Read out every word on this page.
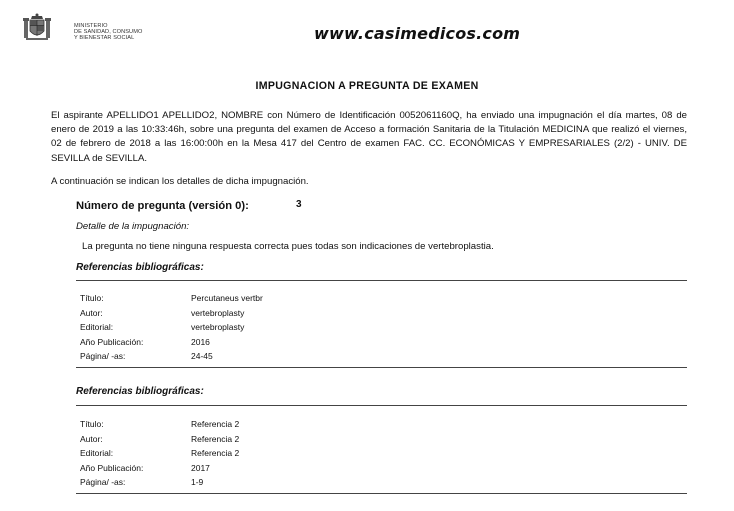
MINISTERIO
DE SANIDAD, CONSUMO
Y BIENESTAR SOCIAL	www.casimedicos.com
IMPUGNACION A PREGUNTA DE EXAMEN
El aspirante APELLIDO1 APELLIDO2, NOMBRE con Número de Identificación 0052061160Q, ha enviado una impugnación el día martes, 08 de enero de 2019 a las 10:33:46h, sobre una pregunta del examen de Acceso a formación Sanitaria de la Titulación MEDICINA que realizó el viernes, 02 de febrero de 2018 a las 16:00:00h en la Mesa 417 del Centro de examen FAC. CC. ECONÓMICAS Y EMPRESARIALES (2/2) - UNIV. DE SEVILLA de SEVILLA.
A continuación se indican los detalles de dicha impugnación.
Número de pregunta (versión 0):	3
Detalle de la impugnación:
La pregunta no tiene ninguna respuesta correcta pues todas son indicaciones de vertebroplastia.
Referencias bibliográficas:
Título:	Percutaneus vertbr
Autor:	vertebroplasty
Editorial:	vertebroplasty
Año Publicación:	2016
Página/ -as:	24-45
Referencias bibliográficas:
Título:	Referencia 2
Autor:	Referencia 2
Editorial:	Referencia 2
Año Publicación:	2017
Página/ -as:	1-9
